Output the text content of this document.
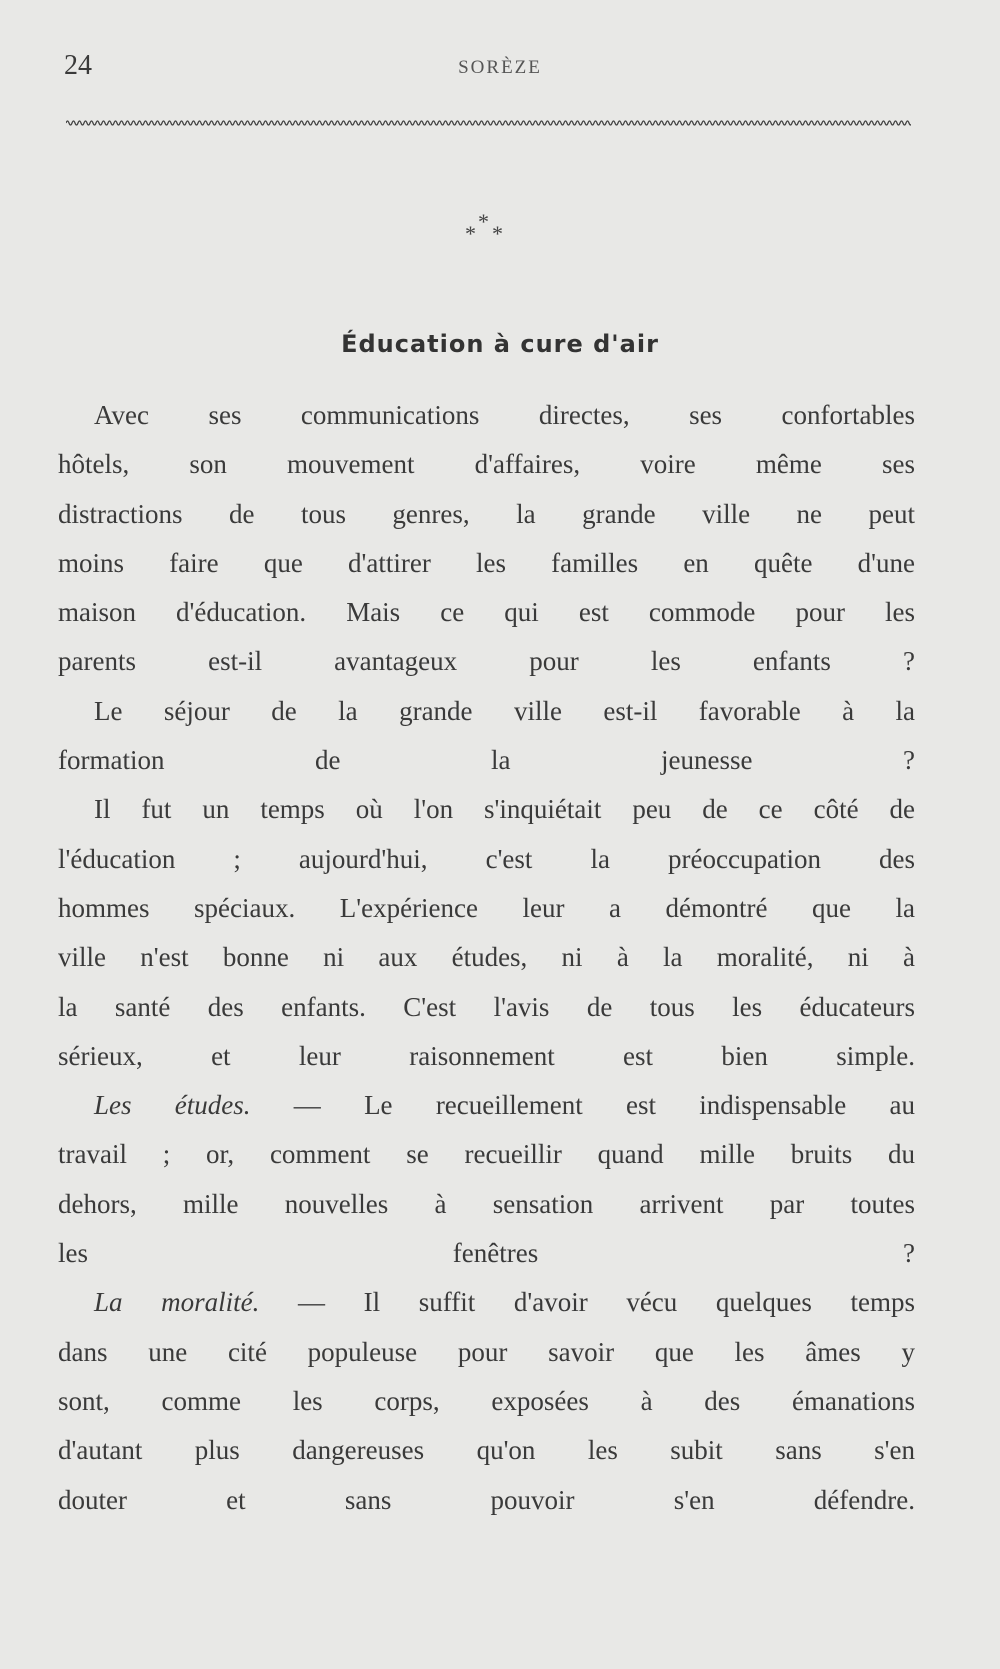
24	SORÈZE
*
* *
Éducation à cure d'air
Avec ses communications directes, ses confortables
hôtels, son mouvement d'affaires, voire même ses
distractions de tous genres, la grande ville ne peut
moins faire que d'attirer les familles en quête d'une
maison d'éducation. Mais ce qui est commode pour les
parents est-il avantageux pour les enfants ?
Le séjour de la grande ville est-il favorable à la
formation de la jeunesse ?
Il fut un temps où l'on s'inquiétait peu de ce côté de
l'éducation ; aujourd'hui, c'est la préoccupation des
hommes spéciaux. L'expérience leur a démontré que la
ville n'est bonne ni aux études, ni à la moralité, ni à
la santé des enfants. C'est l'avis de tous les éducateurs
sérieux, et leur raisonnement est bien simple.
Les études. — Le recueillement est indispensable au
travail ; or, comment se recueillir quand mille bruits du
dehors, mille nouvelles à sensation arrivent par toutes
les fenêtres ?
La moralité. — Il suffit d'avoir vécu quelques temps
dans une cité populeuse pour savoir que les âmes y
sont, comme les corps, exposées à des émanations
d'autant plus dangereuses qu'on les subit sans s'en
douter et sans pouvoir s'en défendre.
